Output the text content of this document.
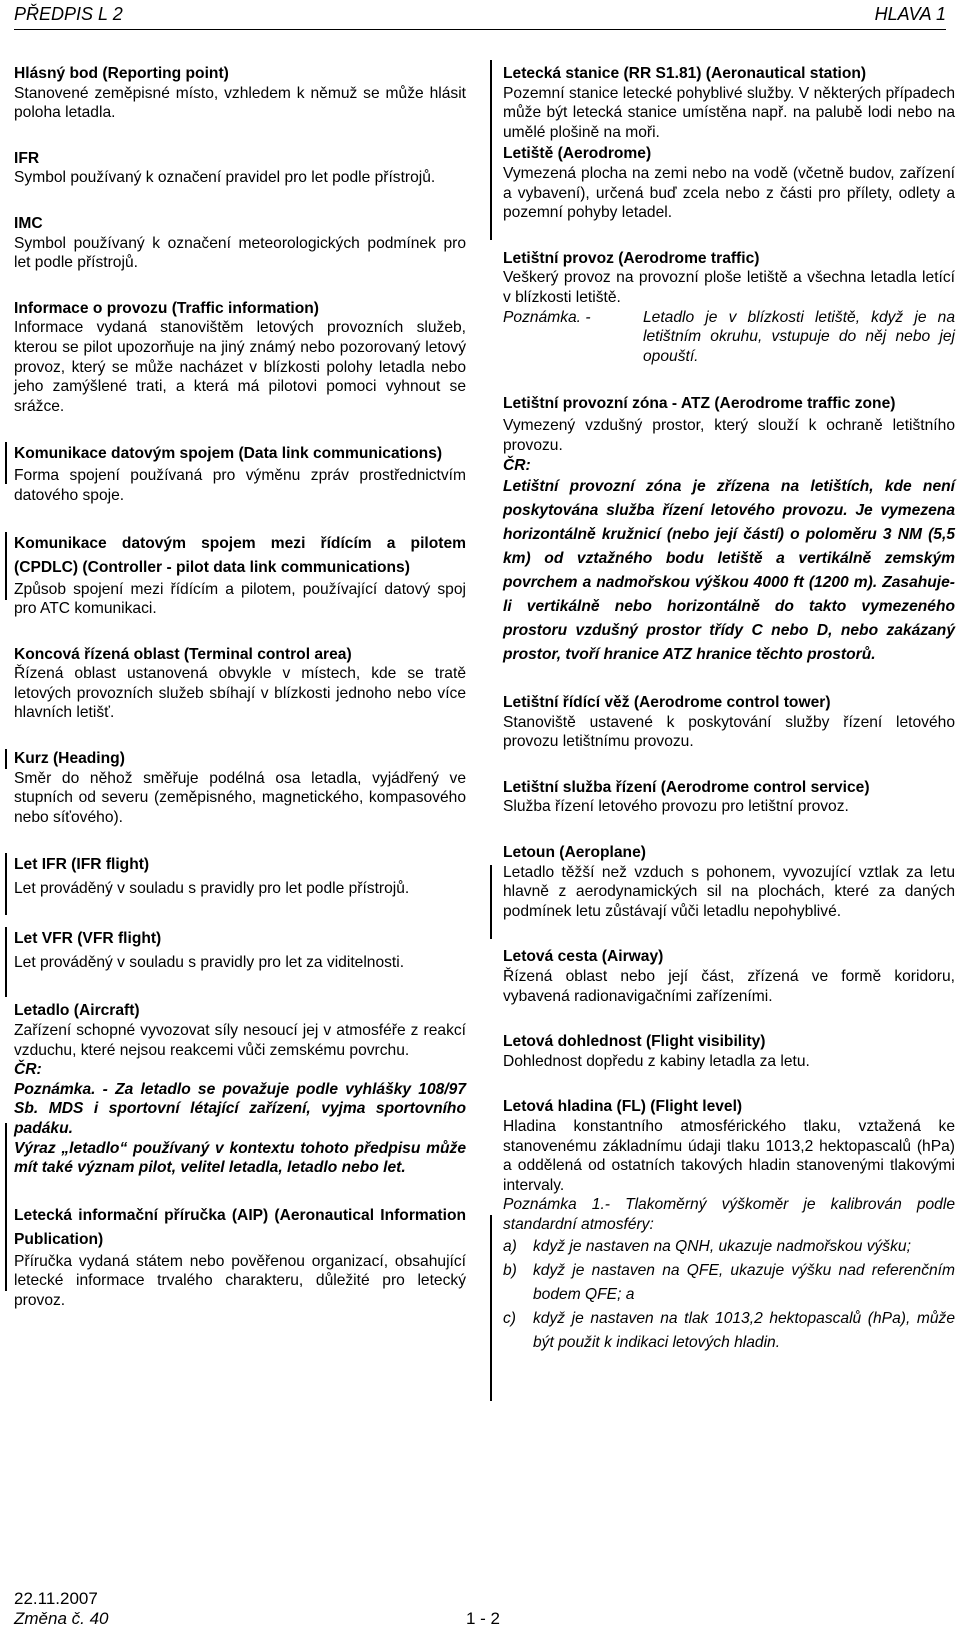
PŘEDPIS L 2	HLAVA 1

Hlásný bod (Reporting point)

Stanovené zeměpisné místo, vzhledem k němuž se může hlásit poloha letadla.

IFR

Symbol používaný k označení pravidel pro let podle přístrojů.

IMC

Symbol používaný k označení meteorologických podmínek pro let podle přístrojů.

Informace o provozu (Traffic information)

Informace vydaná stanovištěm letových provozních služeb, kterou se pilot upozorňuje na jiný známý nebo pozorovaný letový provoz, který se může nacházet v blízkosti polohy letadla nebo jeho zamýšlené trati, a která má pilotovi pomoci vyhnout se srážce.

Komunikace datovým spojem (Data link communications)

Forma spojení používaná pro výměnu zpráv prostřednictvím datového spoje.

Komunikace datovým spojem mezi řídícím a pilotem (CPDLC) (Controller - pilot data link communications)

Způsob spojení mezi řídícím a pilotem, používající datový spoj pro ATC komunikaci.

Koncová řízená oblast (Terminal control area)

Řízená oblast ustanovená obvykle v místech, kde se tratě letových provozních služeb sbíhají v blízkosti jednoho nebo více hlavních letišť.

Kurz (Heading)

Směr do něhož směřuje podélná osa letadla, vyjádřený ve stupních od severu (zeměpisného, magnetického, kompasového nebo síťového).

Let IFR (IFR flight)

Let prováděný v souladu s pravidly pro let podle přístrojů.

Let VFR (VFR flight)

Let prováděný v souladu s pravidly pro let za viditelnosti.

Letadlo (Aircraft)

Zařízení schopné vyvozovat síly nesoucí jej v atmosféře z reakcí vzduchu, které nejsou reakcemi vůči zemskému povrchu.

ČR:

Poznámka. - Za letadlo se považuje podle vyhlášky 108/97 Sb. MDS i sportovní létající zařízení, vyjma sportovního padáku.

Výraz „letadlo“ používaný v kontextu tohoto předpisu může mít také význam pilot, velitel letadla, letadlo nebo let.

Letecká informační příručka (AIP) (Aeronautical Information Publication)

Příručka vydaná státem nebo pověřenou organizací, obsahující letecké informace trvalého charakteru, důležité pro letecký provoz.

Letecká stanice (RR S1.81) (Aeronautical station)

Pozemní stanice letecké pohyblivé služby. V některých případech může být letecká stanice umístěna např. na palubě lodi nebo na umělé plošině na moři.

Letiště (Aerodrome)

Vymezená plocha na zemi nebo na vodě (včetně budov, zařízení a vybavení), určená buď zcela nebo z části pro přílety, odlety a pozemní pohyby letadel.

Letištní provoz (Aerodrome traffic)

Veškerý provoz na provozní ploše letiště a všechna letadla letící v blízkosti letiště.

Poznámka. -	Letadlo je v blízkosti letiště, když je na letištním okruhu, vstupuje do něj nebo jej opouští.

Letištní provozní zóna - ATZ (Aerodrome traffic zone)

Vymezený vzdušný prostor, který slouží k ochraně letištního provozu.

ČR:

Letištní provozní zóna je zřízena na letištích, kde není poskytována služba řízení letového provozu. Je vymezena horizontálně kružnicí (nebo její částí) o poloměru 3 NM (5,5 km) od vztažného bodu letiště a vertikálně zemským povrchem a nadmořskou výškou 4000 ft (1200 m). Zasahuje-li vertikálně nebo horizontálně do takto vymezeného prostoru vzdušný prostor třídy C nebo D, nebo zakázaný prostor, tvoří hranice ATZ hranice těchto prostorů.

Letištní řídící věž (Aerodrome control tower)

Stanoviště ustavené k poskytování služby řízení letového provozu letištnímu provozu.

Letištní služba řízení (Aerodrome control service)

Služba řízení letového provozu pro letištní provoz.

Letoun (Aeroplane)

Letadlo těžší než vzduch s pohonem, vyvozující vztlak za letu hlavně z aerodynamických sil na plochách, které za daných podmínek letu zůstávají vůči letadlu nepohyblivé.

Letová cesta (Airway)

Řízená oblast nebo její část, zřízená ve formě koridoru, vybavená radionavigačními zařízeními.

Letová dohlednost (Flight visibility)

Dohlednost dopředu z kabiny letadla za letu.

Letová hladina (FL) (Flight level)

Hladina konstantního atmosférického tlaku, vztažená ke stanovenému základnímu údaji tlaku 1013,2 hektopascalů (hPa) a oddělená od ostatních takových hladin stanovenými tlakovými intervaly.

Poznámka 1.- Tlakoměrný výškoměr je kalibrován podle standardní atmosféry:

a)	když je nastaven na QNH, ukazuje nadmořskou výšku;
b)	když je nastaven na QFE, ukazuje výšku nad referenčním bodem QFE; a
c)	když je nastaven na tlak 1013,2 hektopascalů (hPa), může být použit k indikaci letových hladin.
22.11.2007
Změna č. 40	1 - 2
